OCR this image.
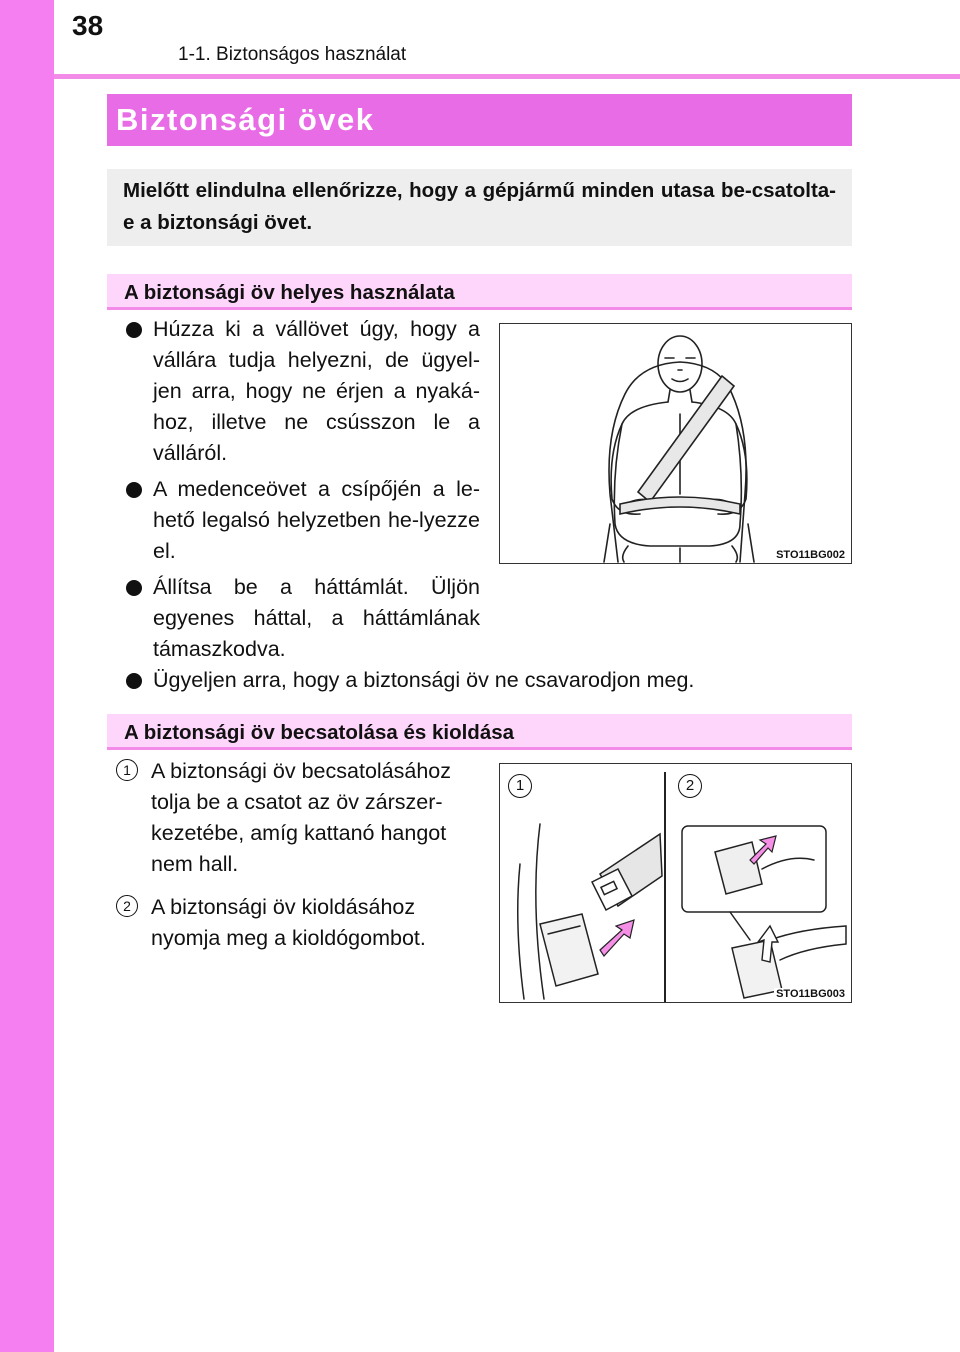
38
1-1. Biztonságos használat
Biztonsági övek
Mielőtt elindulna ellenőrizze, hogy a gépjármű minden utasa be-csatolta-e a biztonsági övet.
A biztonsági öv helyes használata
Húzza ki a vállövet úgy, hogy a vállára tudja helyezni, de ügyel-jen arra, hogy ne érjen a nyaká-hoz, illetve ne csússzon le a válláról.
A medenceövet a csípőjén a le-hető legalsó helyzetben he-lyezze el.
Állítsa be a háttámlát. Üljön egyenes háttal, a háttámlának támaszkodva.
Ügyeljen arra, hogy a biztonsági öv ne csavarodjon meg.
STO11BG002
A biztonsági öv becsatolása és kioldása
1 A biztonsági öv becsatolásához tolja be a csatot az öv zárszer-kezetébe, amíg kattanó hangot nem hall.
2 A biztonsági öv kioldásához nyomja meg a kioldógombot.
1	2
STO11BG003
